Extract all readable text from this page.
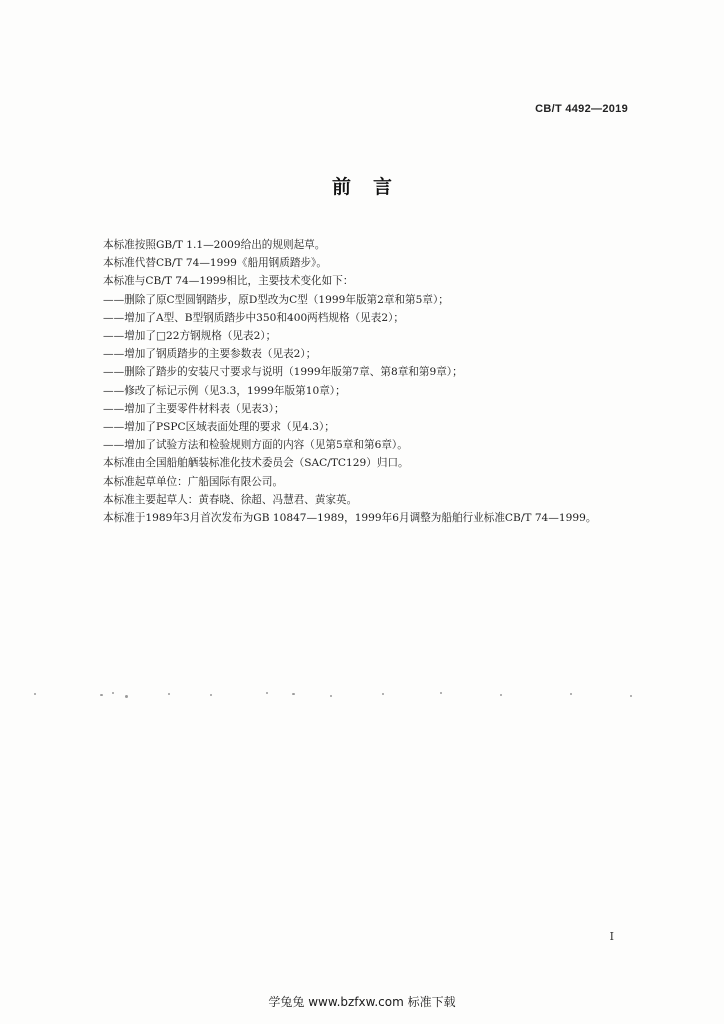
CB/T 4492—2019
前言
本标准按照GB/T 1.1—2009给出的规则起草。
本标准代替CB/T 74—1999《船用钢质踏步》。
本标准与CB/T 74—1999相比，主要技术变化如下：
——删除了原C型圆钢踏步，原D型改为C型（1999年版第2章和第5章）；
——增加了A型、B型钢质踏步中350和400两档规格（见表2）；
——增加了□22方钢规格（见表2）；
——增加了钢质踏步的主要参数表（见表2）；
——删除了踏步的安装尺寸要求与说明（1999年版第7章、第8章和第9章）；
——修改了标记示例（见3.3，1999年版第10章）；
——增加了主要零件材料表（见表3）；
——增加了PSPC区域表面处理的要求（见4.3）；
——增加了试验方法和检验规则方面的内容（见第5章和第6章）。
本标准由全国船舶舾装标准化技术委员会（SAC/TC129）归口。
本标准起草单位：广船国际有限公司。
本标准主要起草人：黄春晓、徐超、冯慧君、黄家英。
本标准于1989年3月首次发布为GB 10847—1989，1999年6月调整为船舶行业标准CB/T 74—1999。
I
学兔兔 www.bzfxw.com 标准下载
